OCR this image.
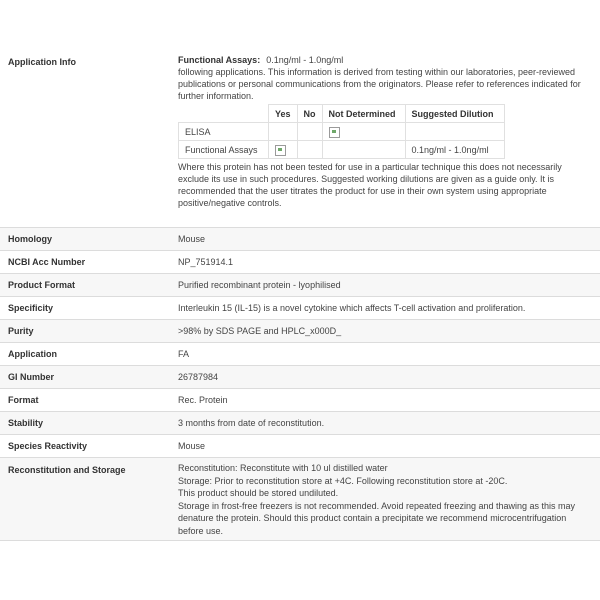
Application Info	Functional Assays: 0.1ng/ml - 1.0ng/ml

following applications. This information is derived from testing within our laboratories, peer-reviewed publications or personal communications from the originators. Please refer to references indicated for further information.

	Yes	No	Not Determined	Suggested Dilution
ELISA				
Functional Assays				0.1ng/ml - 1.0ng/ml

Where this protein has not been tested for use in a particular technique this does not necessarily exclude its use in such procedures. Suggested working dilutions are given as a guide only. It is recommended that the user titrates the product for use in their own system using appropriate positive/negative controls.

Homology	Mouse
NCBI Acc Number	NP_751914.1
Product Format	Purified recombinant protein - lyophilised
Specificity	Interleukin 15 (IL-15) is a novel cytokine which affects T-cell activation and proliferation.
Purity	>98% by SDS PAGE and HPLC_x000D_
Application	FA
GI Number	26787984
Format	Rec. Protein
Stability	3 months from date of reconstitution.
Species Reactivity	Mouse
Reconstitution and Storage	Reconstitution: Reconstitute with 10 ul distilled water
Storage: Prior to reconstitution store at +4C. Following reconstitution store at -20C.
This product should be stored undiluted.
Storage in frost-free freezers is not recommended. Avoid repeated freezing and thawing as this may denature the protein. Should this product contain a precipitate we recommend microcentrifugation before use.
